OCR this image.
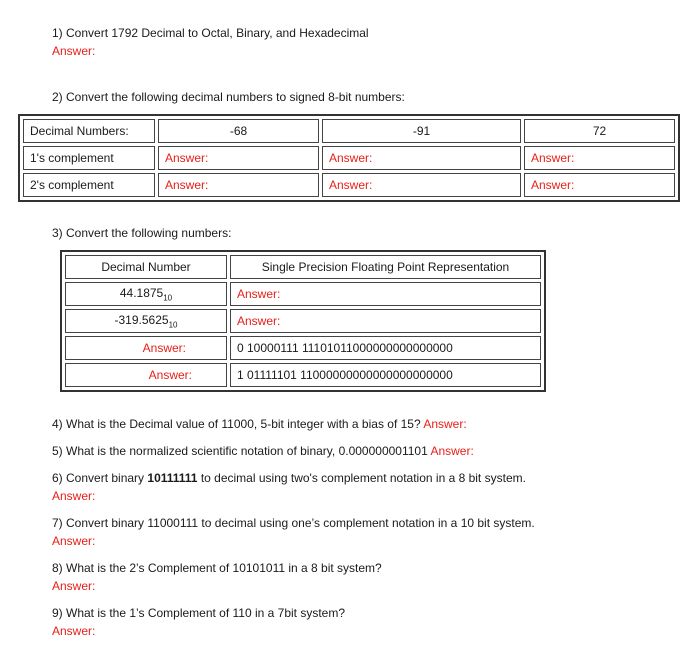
1) Convert 1792 Decimal to Octal, Binary, and Hexadecimal
Answer:
2) Convert the following decimal numbers to signed 8-bit numbers:
Decimal Numbers:	-68	-91	72
1's complement	Answer:	Answer:	Answer:
2's complement	Answer:	Answer:	Answer:
3) Convert the following numbers:
Decimal Number	Single Precision Floating Point Representation
$44.1875_{10}$	Answer:
$-319.5625_{10}$	Answer:
Answer:	0 10000111 11101011000000000000000
Answer:	1 01111101 11000000000000000000000
4) What is the Decimal value of 11000, 5-bit integer with a bias of 15? Answer:
5) What is the normalized scientific notation of binary, 0.000000001101 Answer:
6) Convert binary 10111111 to decimal using two's complement notation in a 8 bit system.
Answer:
7) Convert binary 11000111 to decimal using one’s complement notation in a 10 bit system.
Answer:
8) What is the 2’s Complement of 10101011 in a 8 bit system?
Answer:
9) What is the 1’s Complement of 110 in a 7bit system?
Answer:
